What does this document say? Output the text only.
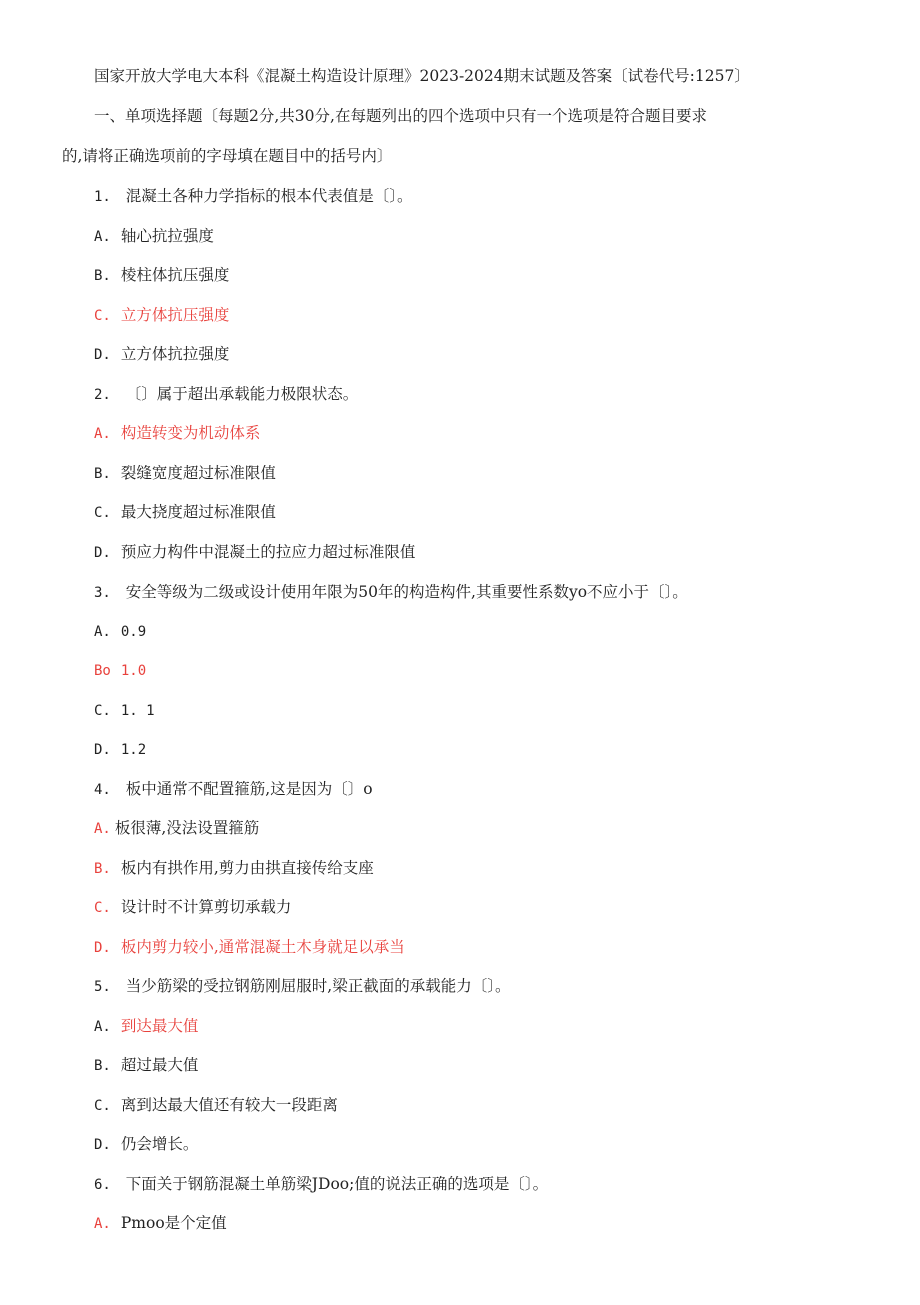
国家开放大学电大本科《混凝土构造设计原理》2023-2024期末试题及答案〔试卷代号:1257〕
一、单项选择题〔每题2分,共30分,在每题列出的四个选项中只有一个选项是符合题目要求
的,请将正确选项前的字母填在题目中的括号内〕
1. 混凝土各种力学指标的根本代表值是〔〕。
A. 轴心抗拉强度
B. 棱柱体抗压强度
C. 立方体抗压强度
D. 立方体抗拉强度
2. 〔〕属于超出承载能力极限状态。
A. 构造转变为机动体系
B. 裂缝宽度超过标准限值
C. 最大挠度超过标准限值
D. 预应力构件中混凝土的拉应力超过标准限值
3. 安全等级为二级或设计使用年限为50年的构造构件,其重要性系数yo不应小于〔〕。
A. 0.9
Bo 1.0
C. 1. 1
D. 1.2
4. 板中通常不配置箍筋,这是因为〔〕o
A. 板很薄,没法设置箍筋
B. 板内有拱作用,剪力由拱直接传给支座
C. 设计时不计算剪切承载力
D. 板内剪力较小,通常混凝土木身就足以承当
5. 当少筋梁的受拉钢筋刚屈服时,梁正截面的承载能力〔〕。
A. 到达最大值
B. 超过最大值
C. 离到达最大值还有较大一段距离
D. 仍会增长。
6. 下面关于钢筋混凝土单筋梁JDoo;值的说法正确的选项是〔〕。
A. Pmoo是个定值
